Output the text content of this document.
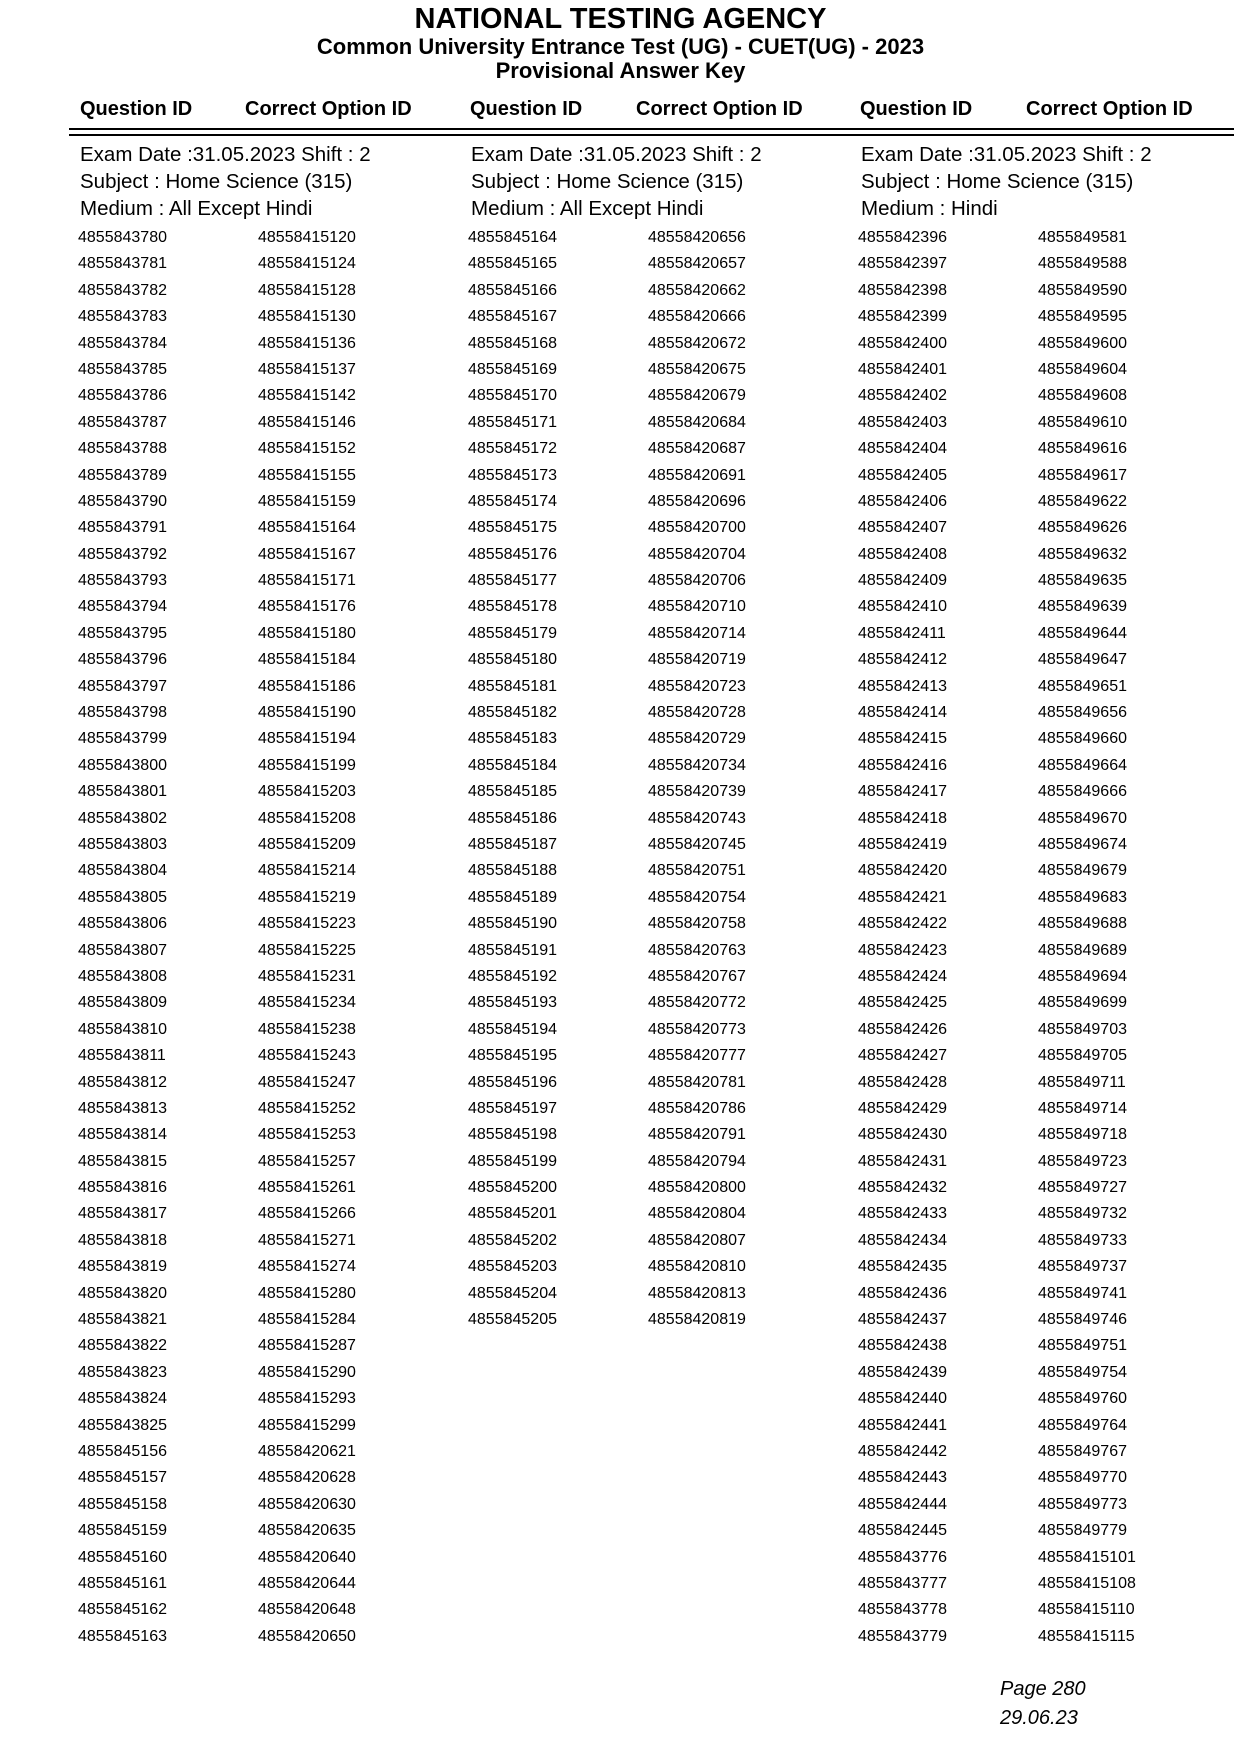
NATIONAL TESTING AGENCY
Common University Entrance Test (UG) - CUET(UG) - 2023
Provisional Answer Key
Question ID	Correct Option ID	Question ID	Correct Option ID	Question ID	Correct Option ID
Exam Date :31.05.2023 Shift : 2
Subject : Home Science (315)
Medium : All Except Hindi
Exam Date :31.05.2023 Shift : 2
Subject : Home Science (315)
Medium : All Except Hindi
Exam Date :31.05.2023 Shift : 2
Subject : Home Science (315)
Medium : Hindi
4855843780	48558415120
4855843781	48558415124
4855843782	48558415128
4855843783	48558415130
4855843784	48558415136
4855843785	48558415137
4855843786	48558415142
4855843787	48558415146
4855843788	48558415152
4855843789	48558415155
4855843790	48558415159
4855843791	48558415164
4855843792	48558415167
4855843793	48558415171
4855843794	48558415176
4855843795	48558415180
4855843796	48558415184
4855843797	48558415186
4855843798	48558415190
4855843799	48558415194
4855843800	48558415199
4855843801	48558415203
4855843802	48558415208
4855843803	48558415209
4855843804	48558415214
4855843805	48558415219
4855843806	48558415223
4855843807	48558415225
4855843808	48558415231
4855843809	48558415234
4855843810	48558415238
4855843811	48558415243
4855843812	48558415247
4855843813	48558415252
4855843814	48558415253
4855843815	48558415257
4855843816	48558415261
4855843817	48558415266
4855843818	48558415271
4855843819	48558415274
4855843820	48558415280
4855843821	48558415284
4855843822	48558415287
4855843823	48558415290
4855843824	48558415293
4855843825	48558415299
4855845156	48558420621
4855845157	48558420628
4855845158	48558420630
4855845159	48558420635
4855845160	48558420640
4855845161	48558420644
4855845162	48558420648
4855845163	48558420650
4855845164	48558420656
4855845165	48558420657
4855845166	48558420662
4855845167	48558420666
4855845168	48558420672
4855845169	48558420675
4855845170	48558420679
4855845171	48558420684
4855845172	48558420687
4855845173	48558420691
4855845174	48558420696
4855845175	48558420700
4855845176	48558420704
4855845177	48558420706
4855845178	48558420710
4855845179	48558420714
4855845180	48558420719
4855845181	48558420723
4855845182	48558420728
4855845183	48558420729
4855845184	48558420734
4855845185	48558420739
4855845186	48558420743
4855845187	48558420745
4855845188	48558420751
4855845189	48558420754
4855845190	48558420758
4855845191	48558420763
4855845192	48558420767
4855845193	48558420772
4855845194	48558420773
4855845195	48558420777
4855845196	48558420781
4855845197	48558420786
4855845198	48558420791
4855845199	48558420794
4855845200	48558420800
4855845201	48558420804
4855845202	48558420807
4855845203	48558420810
4855845204	48558420813
4855845205	48558420819
4855842396	4855849581
4855842397	4855849588
4855842398	4855849590
4855842399	4855849595
4855842400	4855849600
4855842401	4855849604
4855842402	4855849608
4855842403	4855849610
4855842404	4855849616
4855842405	4855849617
4855842406	4855849622
4855842407	4855849626
4855842408	4855849632
4855842409	4855849635
4855842410	4855849639
4855842411	4855849644
4855842412	4855849647
4855842413	4855849651
4855842414	4855849656
4855842415	4855849660
4855842416	4855849664
4855842417	4855849666
4855842418	4855849670
4855842419	4855849674
4855842420	4855849679
4855842421	4855849683
4855842422	4855849688
4855842423	4855849689
4855842424	4855849694
4855842425	4855849699
4855842426	4855849703
4855842427	4855849705
4855842428	4855849711
4855842429	4855849714
4855842430	4855849718
4855842431	4855849723
4855842432	4855849727
4855842433	4855849732
4855842434	4855849733
4855842435	4855849737
4855842436	4855849741
4855842437	4855849746
4855842438	4855849751
4855842439	4855849754
4855842440	4855849760
4855842441	4855849764
4855842442	4855849767
4855842443	4855849770
4855842444	4855849773
4855842445	4855849779
4855843776	48558415101
4855843777	48558415108
4855843778	48558415110
4855843779	48558415115
Page 280
29.06.23
